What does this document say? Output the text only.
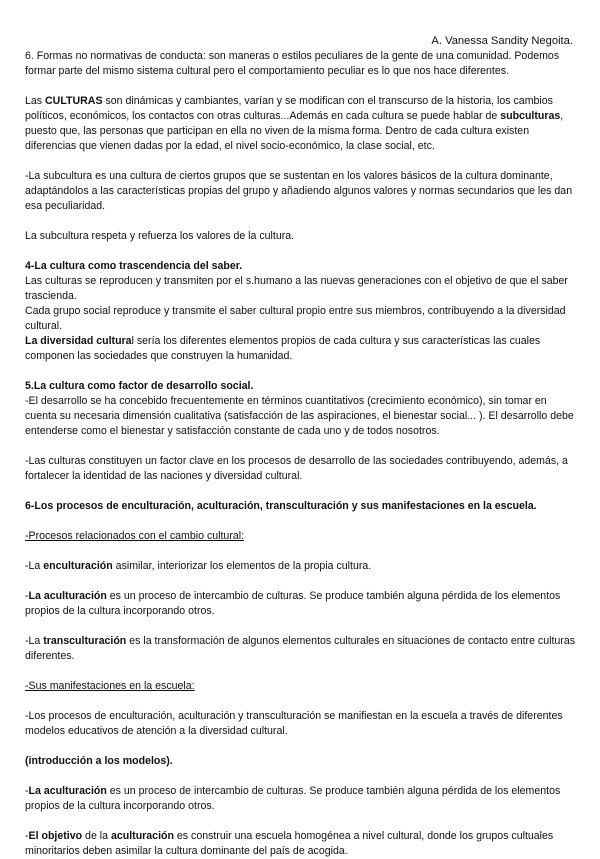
A. Vanessa Sandity Negoita.

6. Formas no normativas de conducta: son maneras o estilos peculiares de la gente de una comunidad. Podemos formar parte del mismo sistema cultural pero el comportamiento peculiar es lo que nos hace diferentes.

Las CULTURAS son dinámicas y cambiantes, varían y se modifican con el transcurso de la historia, los cambios políticos, económicos, los contactos con otras culturas...Además en cada cultura se puede hablar de subculturas, puesto que, las personas que participan en ella no viven de la misma forma. Dentro de cada cultura existen diferencias que vienen dadas por la edad, el nivel socio-económico, la clase social, etc.

-La subcultura es una cultura de ciertos grupos que se sustentan en los valores básicos de la cultura dominante, adaptándolos a las características propias del grupo y añadiendo algunos valores y normas secundarios que les dan esa peculiaridad.

La subcultura respeta y refuerza los valores de la cultura.

4-La cultura como trascendencia del saber.

Las culturas se reproducen y transmiten por el s.humano a las nuevas generaciones con el objetivo de que el saber trascienda.

Cada grupo social reproduce y transmite el saber cultural propio entre sus miembros, contribuyendo a la diversidad cultural.

La diversidad cultural sería los diferentes elementos propios de cada cultura y sus características las cuales componen las sociedades que construyen la humanidad.

5.La cultura como factor de desarrollo social.

-El desarrollo se ha concebido frecuentemente en términos cuantitativos (crecimiento económico), sin tomar en cuenta su necesaria dimensión cualitativa (satisfacción de las aspiraciones, el bienestar social... ). El desarrollo debe entenderse como el bienestar y satisfacción constante de cada uno y de todos nosotros.

-Las culturas constituyen un factor clave en los procesos de desarrollo de las sociedades contribuyendo, además, a fortalecer la identidad de las naciones y diversidad cultural.

6-Los procesos de enculturación, aculturación, transculturación y sus manifestaciones en la escuela.

-Procesos relacionados con el cambio cultural:

-La enculturación asimilar, interiorizar los elementos de la propia cultura.

-La aculturación es un proceso de intercambio de culturas. Se produce también alguna pérdida de los elementos propios de la cultura incorporando otros.

-La transculturación es la transformación de algunos elementos culturales en situaciones de contacto entre culturas diferentes.

-Sus manifestaciones en la escuela:

-Los procesos de enculturación, aculturación y transculturación se manifiestan en la escuela a través de diferentes modelos educativos de atención a la diversidad cultural.

(introducción a los modelos).

-La aculturación es un proceso de intercambio de culturas. Se produce también alguna pérdida de los elementos propios de la cultura incorporando otros.

-El objetivo de la aculturación es construir una escuela homogénea a nivel cultural, donde los grupos cultuales minoritarios deben asimilar la cultura dominante del país de acogida.
